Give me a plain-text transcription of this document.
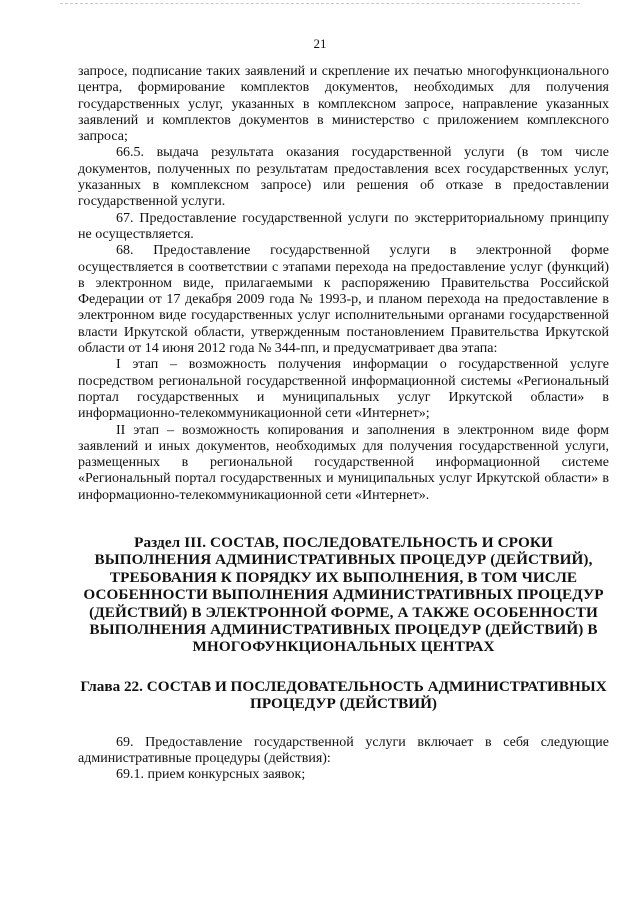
21

запросе, подписание таких заявлений и скрепление их печатью многофункционального центра, формирование комплектов документов, необходимых для получения государственных услуг, указанных в комплексном запросе, направление указанных заявлений и комплектов документов в министерство с приложением комплексного запроса;

66.5. выдача результата оказания государственной услуги (в том числе документов, полученных по результатам предоставления всех государственных услуг, указанных в комплексном запросе) или решения об отказе в предоставлении государственной услуги.

67. Предоставление государственной услуги по экстерриториальному принципу не осуществляется.

68. Предоставление государственной услуги в электронной форме осуществляется в соответствии с этапами перехода на предоставление услуг (функций) в электронном виде, прилагаемыми к распоряжению Правительства Российской Федерации от 17 декабря 2009 года № 1993-р, и планом перехода на предоставление в электронном виде государственных услуг исполнительными органами государственной власти Иркутской области, утвержденным постановлением Правительства Иркутской области от 14 июня 2012 года № 344-пп, и предусматривает два этапа:

I этап – возможность получения информации о государственной услуге посредством региональной государственной информационной системы «Региональный портал государственных и муниципальных услуг Иркутской области» в информационно-телекоммуникационной сети «Интернет»;

II этап – возможность копирования и заполнения в электронном виде форм заявлений и иных документов, необходимых для получения государственной услуги, размещенных в региональной государственной информационной системе «Региональный портал государственных и муниципальных услуг Иркутской области» в информационно-телекоммуникационной сети «Интернет».

Раздел III. СОСТАВ, ПОСЛЕДОВАТЕЛЬНОСТЬ И СРОКИ ВЫПОЛНЕНИЯ АДМИНИСТРАТИВНЫХ ПРОЦЕДУР (ДЕЙСТВИЙ), ТРЕБОВАНИЯ К ПОРЯДКУ ИХ ВЫПОЛНЕНИЯ, В ТОМ ЧИСЛЕ ОСОБЕННОСТИ ВЫПОЛНЕНИЯ АДМИНИСТРАТИВНЫХ ПРОЦЕДУР (ДЕЙСТВИЙ) В ЭЛЕКТРОННОЙ ФОРМЕ, А ТАКЖЕ ОСОБЕННОСТИ ВЫПОЛНЕНИЯ АДМИНИСТРАТИВНЫХ ПРОЦЕДУР (ДЕЙСТВИЙ) В МНОГОФУНКЦИОНАЛЬНЫХ ЦЕНТРАХ
Глава 22. СОСТАВ И ПОСЛЕДОВАТЕЛЬНОСТЬ АДМИНИСТРАТИВНЫХ ПРОЦЕДУР (ДЕЙСТВИЙ)

69. Предоставление государственной услуги включает в себя следующие административные процедуры (действия):

69.1. прием конкурсных заявок;
